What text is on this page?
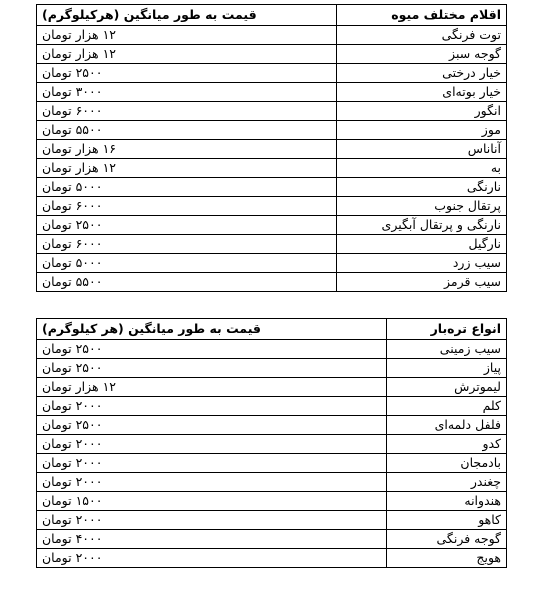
اقلام مختلف میوه	قیمت به طور میانگین (هرکیلوگرم)
توت فرنگی	۱۲ هزار تومان
گوجه سبز	۱۲ هزار تومان
خیار درختی	۲۵۰۰ تومان
خیار بوته‌ای	۳۰۰۰ تومان
انگور	۶۰۰۰ تومان
موز	۵۵۰۰ تومان
آناناس	۱۶ هزار تومان
به	۱۲ هزار تومان
نارنگی	۵۰۰۰ تومان
پرتقال جنوب	۶۰۰۰ تومان
نارنگی و پرتقال آبگیری	۲۵۰۰ تومان
نارگیل	۶۰۰۰ تومان
سیب زرد	۵۰۰۰ تومان
سیب قرمز	۵۵۰۰ تومان
انواع تره‌بار	قیمت به طور میانگین (هر کیلوگرم)
سیب زمینی	۲۵۰۰ تومان
پیاز	۲۵۰۰ تومان
لیموترش	۱۲ هزار تومان
کلم	۲۰۰۰ تومان
فلفل دلمه‌ای	۲۵۰۰ تومان
کدو	۲۰۰۰ تومان
بادمجان	۲۰۰۰ تومان
چغندر	۲۰۰۰ تومان
هندوانه	۱۵۰۰ تومان
کاهو	۲۰۰۰ تومان
گوجه فرنگی	۴۰۰۰ تومان
هویج	۲۰۰۰ تومان
